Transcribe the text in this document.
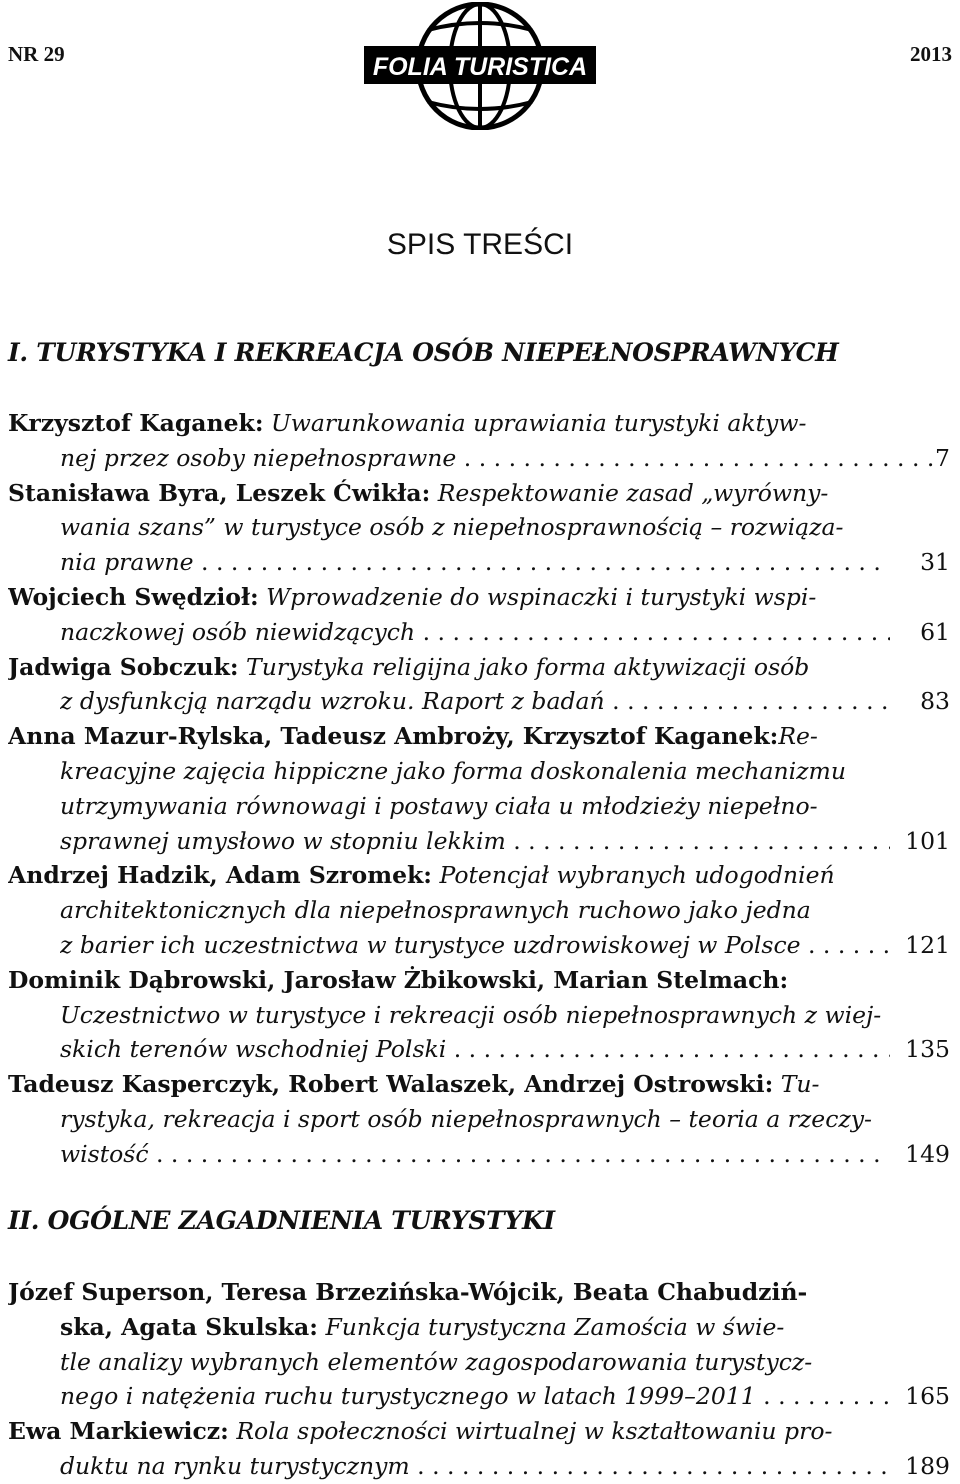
NR 29	2013
FOLIA TURISTICA
SPIS TREŚCI
I. TURYSTYKA I REKREACJA OSÓB NIEPEŁNOSPRAWNYCH
Krzysztof Kaganek: Uwarunkowania uprawiania turystyki aktyw-
nej przez osoby niepełnosprawne . . .	7
Stanisława Byra, Leszek Ćwikła: Respektowanie zasad „wyrówny-
wania szans” w turystyce osób z niepełnosprawnością – rozwiąza-
nia prawne . . .	31
Wojciech Swędzioł: Wprowadzenie do wspinaczki i turystyki wspi-
naczkowej osób niewidzących . . .	61
Jadwiga Sobczuk: Turystyka religijna jako forma aktywizacji osób
z dysfunkcją narządu wzroku. Raport z badań . . .	83
Anna Mazur-Rylska, Tadeusz Ambroży, Krzysztof Kaganek:Re-
kreacyjne zajęcia hippiczne jako forma doskonalenia mechanizmu
utrzymywania równowagi i postawy ciała u młodzieży niepełno-
sprawnej umysłowo w stopniu lekkim . . .	101
Andrzej Hadzik, Adam Szromek: Potencjał wybranych udogodnień
architektonicznych dla niepełnosprawnych ruchowo jako jedna
z barier ich uczestnictwa w turystyce uzdrowiskowej w Polsce . . .	121
Dominik Dąbrowski, Jarosław Żbikowski, Marian Stelmach:
Uczestnictwo w turystyce i rekreacji osób niepełnosprawnych z wiej-
skich terenów wschodniej Polski . . .	135
Tadeusz Kasperczyk, Robert Walaszek, Andrzej Ostrowski: Tu-
rystyka, rekreacja i sport osób niepełnosprawnych – teoria a rzeczy-
wistość . . .	149
II. OGÓLNE ZAGADNIENIA TURYSTYKI
Józef Superson, Teresa Brzezińska-Wójcik, Beata Chabudziń-
ska, Agata Skulska: Funkcja turystyczna Zamościa w świe-
tle analizy wybranych elementów zagospodarowania turystycz-
nego i natężenia ruchu turystycznego w latach 1999–2011 . . .	165
Ewa Markiewicz: Rola społeczności wirtualnej w kształtowaniu pro-
duktu na rynku turystycznym . . .	189
